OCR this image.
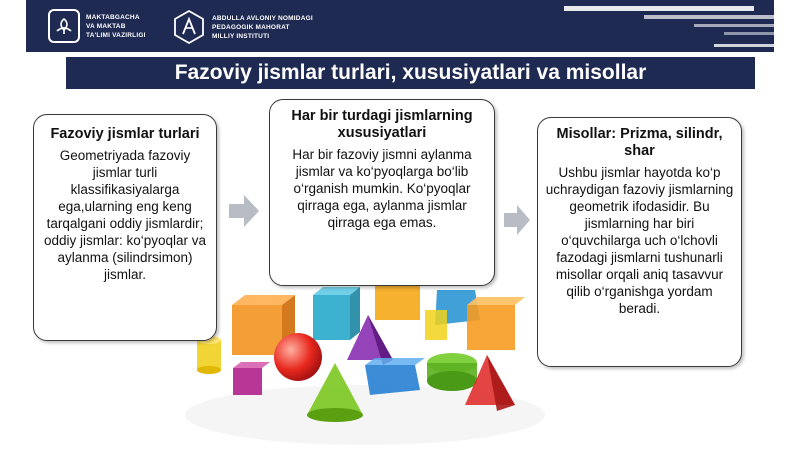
MAKTABGACHA
VA MAKTAB
TA'LIMI VAZIRLIGI
ABDULLA AVLONIY NOMIDAGI
PEDAGOGIK MAHORAT
MILLIY INSTITUTI
Fazoviy jismlar turlari, xususiyatlari va misollar
Fazoviy jismlar turlari
Geometriyada fazoviy jismlar turli klassifikasiyalarga ega,ularning eng keng tarqalgani oddiy jismlardir; oddiy jismlar: ko‘pyoqlar va aylanma (silindrsimon) jismlar.
Har bir turdagi jismlarning xususiyatlari
Har bir fazoviy jismni aylanma jismlar va ko‘pyoqlarga bo‘lib o‘rganish mumkin. Ko‘pyoqlar qirraga ega, aylanma jismlar qirraga ega emas.
Misollar: Prizma, silindr, shar
Ushbu jismlar hayotda ko‘p uchraydigan fazoviy jismlarning geometrik ifodasidir. Bu jismlarning har biri o‘quvchilarga uch o‘lchovli fazodagi jismlarni tushunarli misollar orqali aniq tasavvur qilib o‘rganishga yordam beradi.
